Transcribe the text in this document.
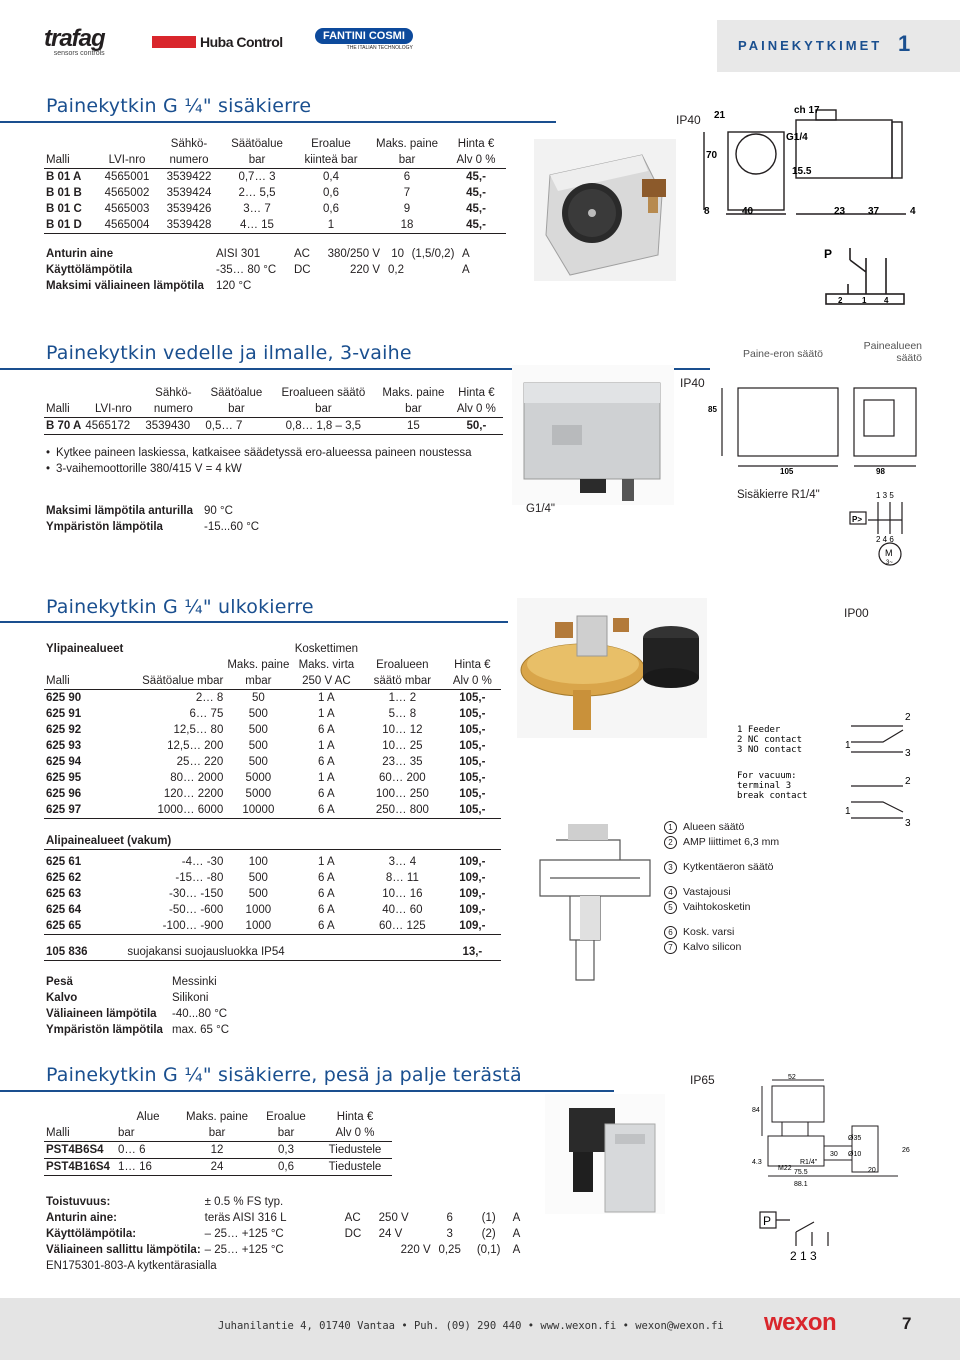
PAINEKYTKIMET 1
trafag
sensors controls
Huba Control	FANTINI COSMI
THE ITALIAN TECHNOLOGY
Painekytkin G ¼" sisäkierre
		Sähkö-	Säätöalue	Eroalue	Maks. paine	Hinta €
Malli	LVI-nro	numero	bar	kiinteä bar	bar	Alv 0 %
B 01 A	4565001	3539422	0,7… 3	0,4	6	45,-
B 01 B	4565002	3539424	2… 5,5	0,6	7	45,-
B 01 C	4565003	3539426	3… 7	0,6	9	45,-
B 01 D	4565004	3539428	4… 15	1	18	45,-
Anturin aine	AISI 301	AC	380/250 V	10	(1,5/0,2)	A
Käyttölämpötila	-35… 80 °C	DC	220 V	0,2		A
Maksimi väliaineen lämpötila	120 °C					
IP40
ch 17
G1/4
21
70
15.5
8	40	23 37	4
P
2 1 4
Painekytkin vedelle ja ilmalle, 3-vaihe
		Sähkö-	Säätöalue	Eroalueen säätö	Maks. paine	Hinta €
Malli	LVI-nro	numero	bar	bar	bar	Alv 0 %
B 70 A	4565172	3539430	0,5… 7	0,8… 1,8 – 3,5	15	50,-
• Kytkee paineen laskiessa, katkaisee säädetyssä ero-alueessa paineen noustessa
• 3-vaihemoottorille 380/415 V = 4 kW
Maksimi lämpötila anturilla	90 °C
Ympäristön lämpötila	-15...60 °C
G1/4"
IP40
Paine-eron säätö
Painealueen säätö
85
105	98
Sisäkierre R1/4"	1 3 5
P>
2 4 6
M
3~
Painekytkin G ¼" ulkokierre	IP00
Ylipainealueet			Koskettimen		
		Maks. paine	Maks. virta	Eroalueen	Hinta €
Malli	Säätöalue mbar	mbar	250 V AC	säätö mbar	Alv 0 %
625 90	2… 8	50	1 A	1… 2	105,-
625 91	6… 75	500	1 A	5… 8	105,-
625 92	12,5… 80	500	6 A	10… 12	105,-
625 93	12,5… 200	500	1 A	10… 25	105,-
625 94	25… 220	500	6 A	23… 35	105,-
625 95	80… 2000	5000	1 A	60… 200	105,-
625 96	120… 2200	5000	6 A	100… 250	105,-
625 97	1000… 6000	10000	6 A	250… 800	105,-

Alipainealueet (vakum)					

625 61	-4… -30	100	1 A	3… 4	109,-
625 62	-15… -80	500	6 A	8… 11	109,-
625 63	-30… -150	500	6 A	10… 16	109,-
625 64	-50… -600	1000	6 A	40… 60	109,-
625 65	-100… -900	1000	6 A	60… 125	109,-

105 836	suojakansi suojausluokka IP54				13,-
Pesä	Messinki
Kalvo	Silikoni
Väliaineen lämpötila	-40...80 °C
Ympäristön lämpötila	max. 65 °C
2
1
3
2
1
3
1 Feeder
2 NC contact
3 NO contact
For vacuum:
terminal 3
break contact
1 Alueen säätö
2 AMP liittimet 6,3 mm
3 Kytkentäeron säätö
4 Vastajousi
5 Vaihtokosketin
6 Kosk. varsi
7 Kalvo silicon
Painekytkin G ¼" sisäkierre, pesä ja palje terästä	IP65
	Alue	Maks. paine	Eroalue	Hinta €
Malli	bar	bar	bar	Alv 0 %
PST4B6S4	0… 6	12	0,3	Tiedustele
PST4B16S4	1… 16	24	0,6	Tiedustele
Toistuvuus:	± 0.5 % FS typ.					
Anturin aine:	teräs AISI 316 L	AC	250 V	6	(1)	A
Käyttölämpötila:	– 25… +125 °C	DC	24 V	3	(2)	A
Väliaineen sallittu lämpötila:	– 25… +125 °C		220 V	0,25	(0,1)	A
EN175301-803-A kytkentärasialla						
52
84
4.3
Ø35
Ø10
R1/4"
75.5
88.1
20
26
M22
30
P
2 1 3
Juhanilantie 4, 01740 Vantaa • Puh. (09) 290 440 • www.wexon.fi • wexon@wexon.fi wexon	7
